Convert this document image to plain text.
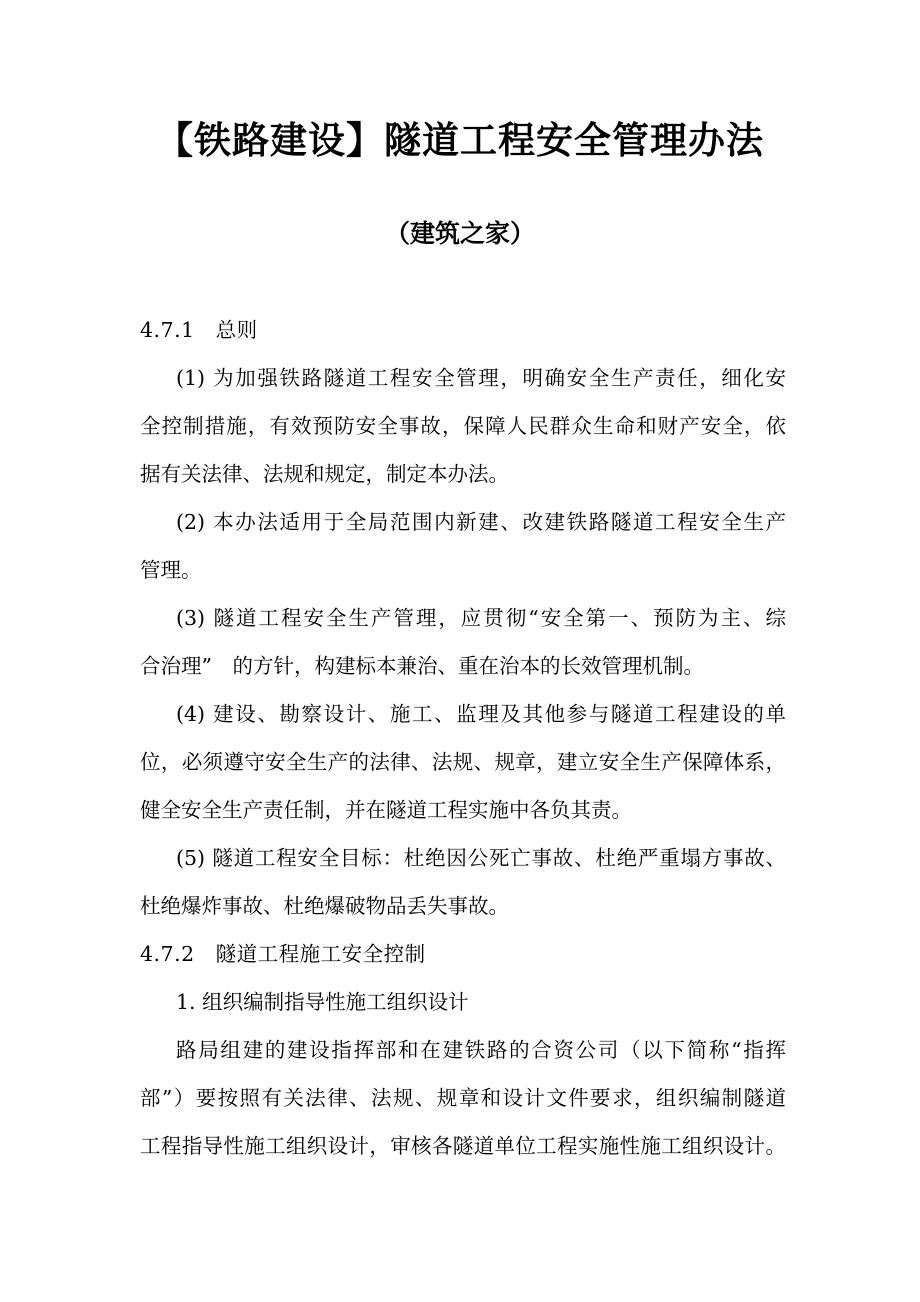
【铁路建设】隧道工程安全管理办法
（建筑之家）
4.7.1　总则
(1) 为加强铁路隧道工程安全管理，明确安全生产责任，细化安
全控制措施，有效预防安全事故，保障人民群众生命和财产安全，依
据有关法律、法规和规定，制定本办法。
(2) 本办法适用于全局范围内新建、改建铁路隧道工程安全生产
管理。
(3) 隧道工程安全生产管理，应贯彻“安全第一、预防为主、综
合治理”　的方针，构建标本兼治、重在治本的长效管理机制。
(4) 建设、勘察设计、施工、监理及其他参与隧道工程建设的单
位，必须遵守安全生产的法律、法规、规章，建立安全生产保障体系，
健全安全生产责任制，并在隧道工程实施中各负其责。
(5) 隧道工程安全目标：杜绝因公死亡事故、杜绝严重塌方事故、
杜绝爆炸事故、杜绝爆破物品丢失事故。
4.7.2　隧道工程施工安全控制
1. 组织编制指导性施工组织设计
路局组建的建设指挥部和在建铁路的合资公司（以下简称“指挥
部”）要按照有关法律、法规、规章和设计文件要求，组织编制隧道
工程指导性施工组织设计，审核各隧道单位工程实施性施工组织设计。
